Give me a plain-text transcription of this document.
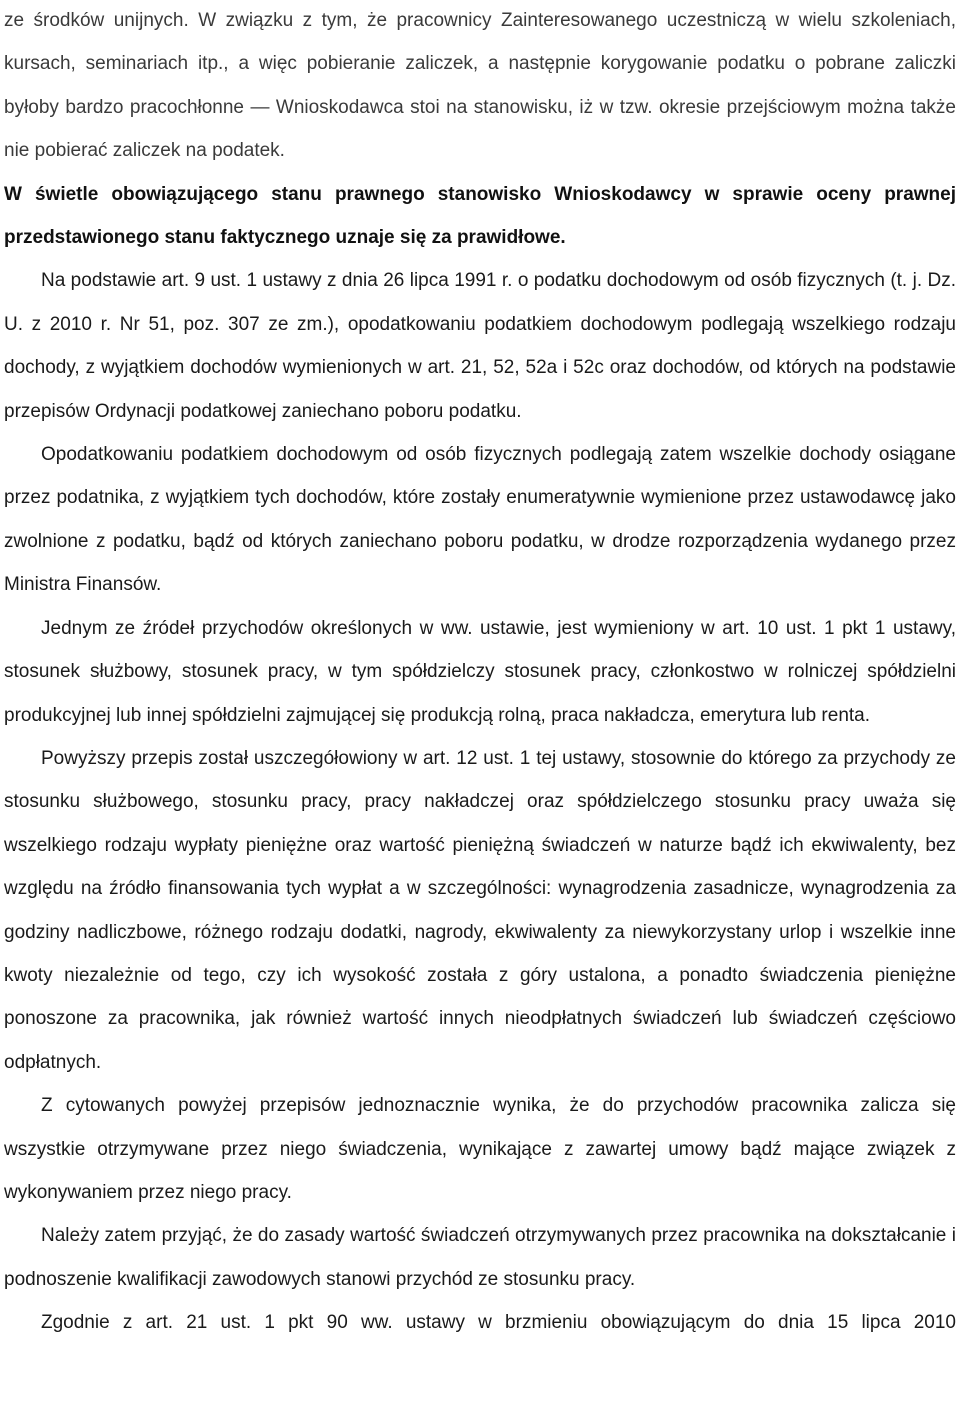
ze środków unijnych. W związku z tym, że pracownicy Zainteresowanego uczestniczą w wielu szkoleniach, kursach, seminariach itp., a więc pobieranie zaliczek, a następnie korygowanie podatku o pobrane zaliczki byłoby bardzo pracochłonne — Wnioskodawca stoi na stanowisku, iż w tzw. okresie przejściowym można także nie pobierać zaliczek na podatek.

W świetle obowiązującego stanu prawnego stanowisko Wnioskodawcy w sprawie oceny prawnej przedstawionego stanu faktycznego uznaje się za prawidłowe.

Na podstawie art. 9 ust. 1 ustawy z dnia 26 lipca 1991 r. o podatku dochodowym od osób fizycznych (t. j. Dz. U. z 2010 r. Nr 51, poz. 307 ze zm.), opodatkowaniu podatkiem dochodowym podlegają wszelkiego rodzaju dochody, z wyjątkiem dochodów wymienionych w art. 21, 52, 52a i 52c oraz dochodów, od których na podstawie przepisów Ordynacji podatkowej zaniechano poboru podatku.

Opodatkowaniu podatkiem dochodowym od osób fizycznych podlegają zatem wszelkie dochody osiągane przez podatnika, z wyjątkiem tych dochodów, które zostały enumeratywnie wymienione przez ustawodawcę jako zwolnione z podatku, bądź od których zaniechano poboru podatku, w drodze rozporządzenia wydanego przez Ministra Finansów.

Jednym ze źródeł przychodów określonych w ww. ustawie, jest wymieniony w art. 10 ust. 1 pkt 1 ustawy, stosunek służbowy, stosunek pracy, w tym spółdzielczy stosunek pracy, członkostwo w rolniczej spółdzielni produkcyjnej lub innej spółdzielni zajmującej się produkcją rolną, praca nakładcza, emerytura lub renta.

Powyższy przepis został uszczegółowiony w art. 12 ust. 1 tej ustawy, stosownie do którego za przychody ze stosunku służbowego, stosunku pracy, pracy nakładczej oraz spółdzielczego stosunku pracy uważa się wszelkiego rodzaju wypłaty pieniężne oraz wartość pieniężną świadczeń w naturze bądź ich ekwiwalenty, bez względu na źródło finansowania tych wypłat a w szczególności: wynagrodzenia zasadnicze, wynagrodzenia za godziny nadliczbowe, różnego rodzaju dodatki, nagrody, ekwiwalenty za niewykorzystany urlop i wszelkie inne kwoty niezależnie od tego, czy ich wysokość została z góry ustalona, a ponadto świadczenia pieniężne ponoszone za pracownika, jak również wartość innych nieodpłatnych świadczeń lub świadczeń częściowo odpłatnych.

Z cytowanych powyżej przepisów jednoznacznie wynika, że do przychodów pracownika zalicza się wszystkie otrzymywane przez niego świadczenia, wynikające z zawartej umowy bądź mające związek z wykonywaniem przez niego pracy.

Należy zatem przyjąć, że do zasady wartość świadczeń otrzymywanych przez pracownika na dokształcanie i podnoszenie kwalifikacji zawodowych stanowi przychód ze stosunku pracy.

Zgodnie z art. 21 ust. 1 pkt 90 ww. ustawy w brzmieniu obowiązującym do dnia 15 lipca 2010
